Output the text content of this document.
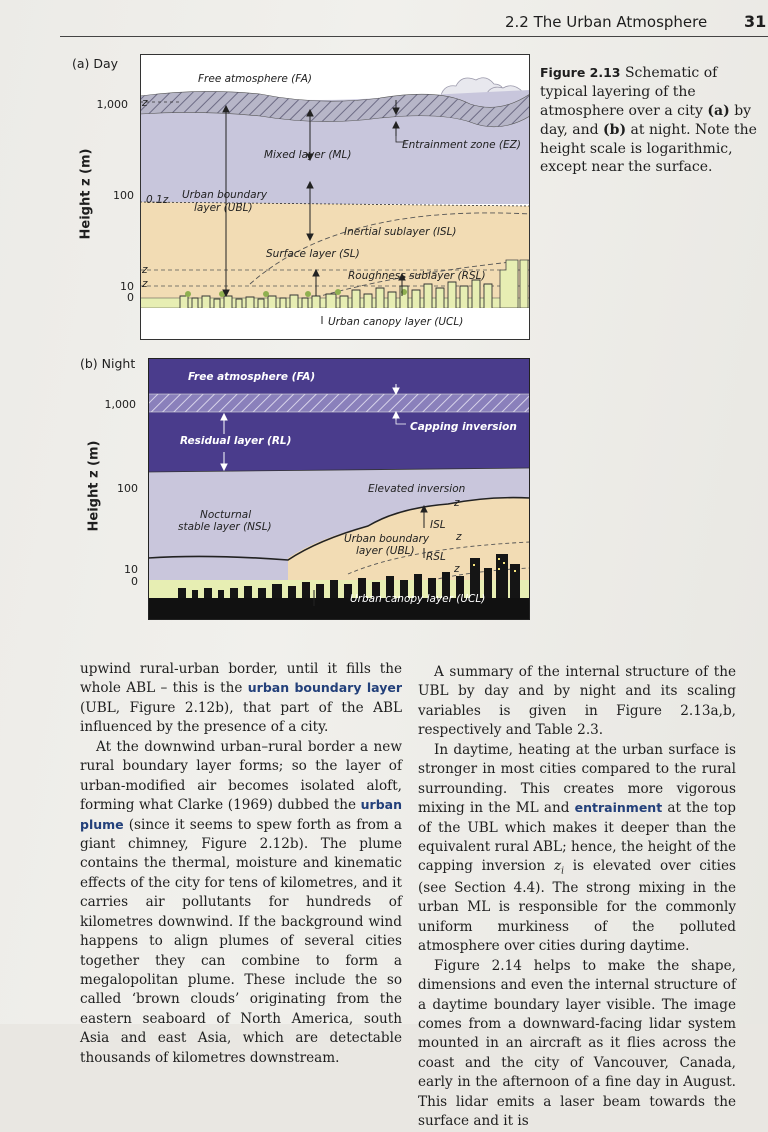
2.2 The Urban Atmosphere 31
Figure 2.13 Schematic of typical layering of the atmosphere over a city (a) by day, and (b) at night. Note the height scale is logarithmic, except near the surface.
(a) Day
Height z (m)
1,000
100
10
0
Free atmosphere (FA)
Entrainment zone (EZ)
Mixed layer (ML)
Urban boundary
layer (UBL)
Inertial sublayer (ISL)
Surface layer (SL)
Roughness sublayer (RSL)
Urban canopy layer (UCL)
z
0.1z
z
z
(b) Night
Height z (m)
1,000
100
10
0
Free atmosphere (FA)
Capping inversion
Residual layer (RL)
Elevated inversion
Nocturnal
stable layer (NSL)
Urban boundary
layer (UBL)
ISL
RSL
z
z
z
Urban canopy layer (UCL)

upwind rural-urban border, until it fills the whole ABL – this is the urban boundary layer (UBL, Figure 2.12b), that part of the ABL influenced by the presence of a city.

At the downwind urban–rural border a new rural boundary layer forms; so the layer of urban-modified air becomes isolated aloft, forming what Clarke (1969) dubbed the urban plume (since it seems to spew forth as from a giant chimney, Figure 2.12b). The plume contains the thermal, moisture and kinematic effects of the city for tens of kilometres, and it carries air pollutants for hundreds of kilometres downwind. If the background wind happens to align plumes of several cities together they can combine to form a megalopolitan plume. These include the so called ‘brown clouds’ originating from the eastern seaboard of North America, south Asia and east Asia, which are detectable thousands of kilometres downstream.

A summary of the internal structure of the UBL by day and by night and its scaling variables is given in Figure 2.13a,b, respectively and Table 2.3.

In daytime, heating at the urban surface is stronger in most cities compared to the rural surrounding. This creates more vigorous mixing in the ML and entrainment at the top of the UBL which makes it deeper than the equivalent rural ABL; hence, the height of the capping inversion $z_i$ is elevated over cities (see Section 4.4). The strong mixing in the urban ML is responsible for the commonly uniform murkiness of the polluted atmosphere over cities during daytime.

Figure 2.14 helps to make the shape, dimensions and even the internal structure of a daytime boundary layer visible. The image comes from a downward-facing lidar system mounted in an aircraft as it flies across the coast and the city of Vancouver, Canada, early in the afternoon of a fine day in August. This lidar emits a laser beam towards the surface and it is
